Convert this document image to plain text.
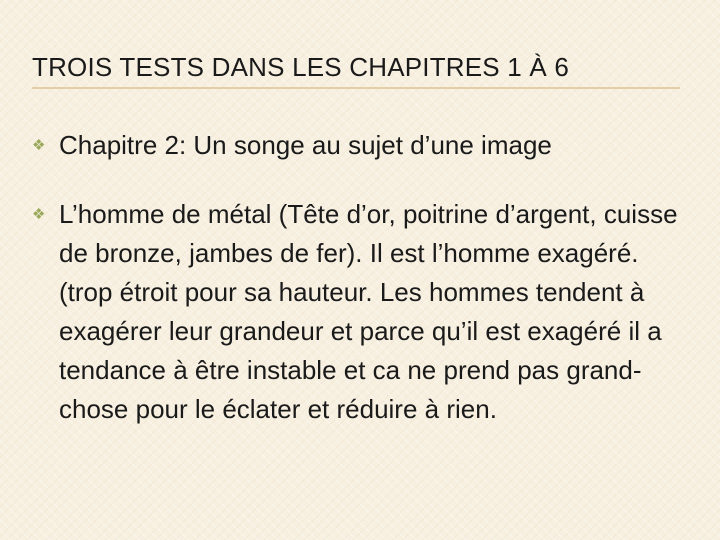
TROIS TESTS DANS LES CHAPITRES 1 À 6
❖ Chapitre 2: Un songe au sujet d’une image
❖ L’homme de métal (Tête d’or, poitrine d’argent, cuisse de bronze, jambes de fer). Il est l’homme exagéré. (trop étroit pour sa hauteur. Les hommes tendent à exagérer leur grandeur et parce qu’il est exagéré il a tendance à être instable et ca ne prend pas grand-chose pour le éclater et réduire à rien.
